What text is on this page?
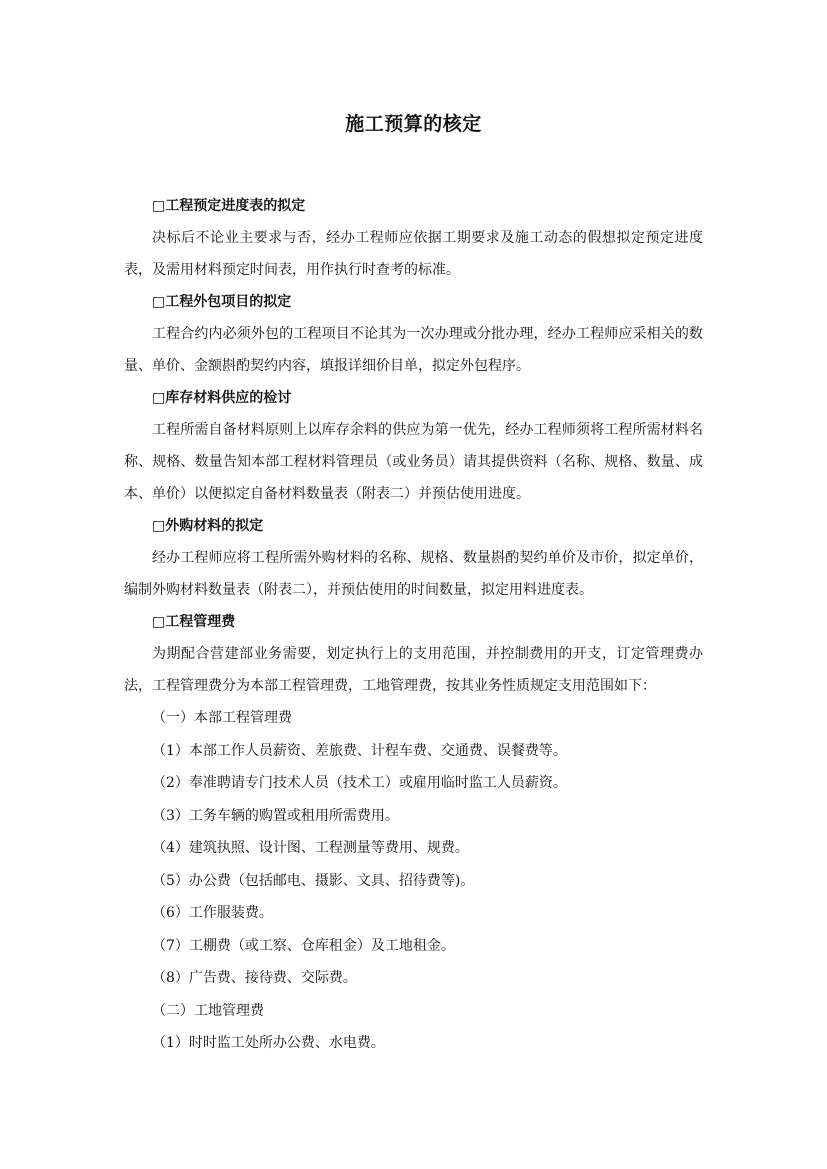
施工预算的核定

□工程预定进度表的拟定

决标后不论业主要求与否，经办工程师应依据工期要求及施工动态的假想拟定预定进度表，及需用材料预定时间表，用作执行时查考的标准。

□工程外包项目的拟定

工程合约内必须外包的工程项目不论其为一次办理或分批办理，经办工程师应采相关的数量、单价、金额斟酌契约内容，填报详细价目单，拟定外包程序。

□库存材料供应的检讨

工程所需自备材料原则上以库存余料的供应为第一优先，经办工程师须将工程所需材料名称、规格、数量告知本部工程材料管理员（或业务员）请其提供资料（名称、规格、数量、成本、单价）以便拟定自备材料数量表（附表二）并预估使用进度。

□外购材料的拟定

经办工程师应将工程所需外购材料的名称、规格、数量斟酌契约单价及市价，拟定单价，编制外购材料数量表（附表二），并预估使用的时间数量，拟定用料进度表。

□工程管理费

为期配合营建部业务需要，划定执行上的支用范围，并控制费用的开支，订定管理费办法，工程管理费分为本部工程管理费，工地管理费，按其业务性质规定支用范围如下：

（一）本部工程管理费

（1）本部工作人员薪资、差旅费、计程车费、交通费、误餐费等。

（2）奉准聘请专门技术人员（技术工）或雇用临时监工人员薪资。

（3）工务车辆的购置或租用所需费用。

（4）建筑执照、设计图、工程测量等费用、规费。

（5）办公费（包括邮电、摄影、文具、招待费等)。

（6）工作服装费。

（7）工棚费（或工察、仓库租金）及工地租金。

（8）广告费、接待费、交际费。

（二）工地管理费

（1）时时监工处所办公费、水电费。
